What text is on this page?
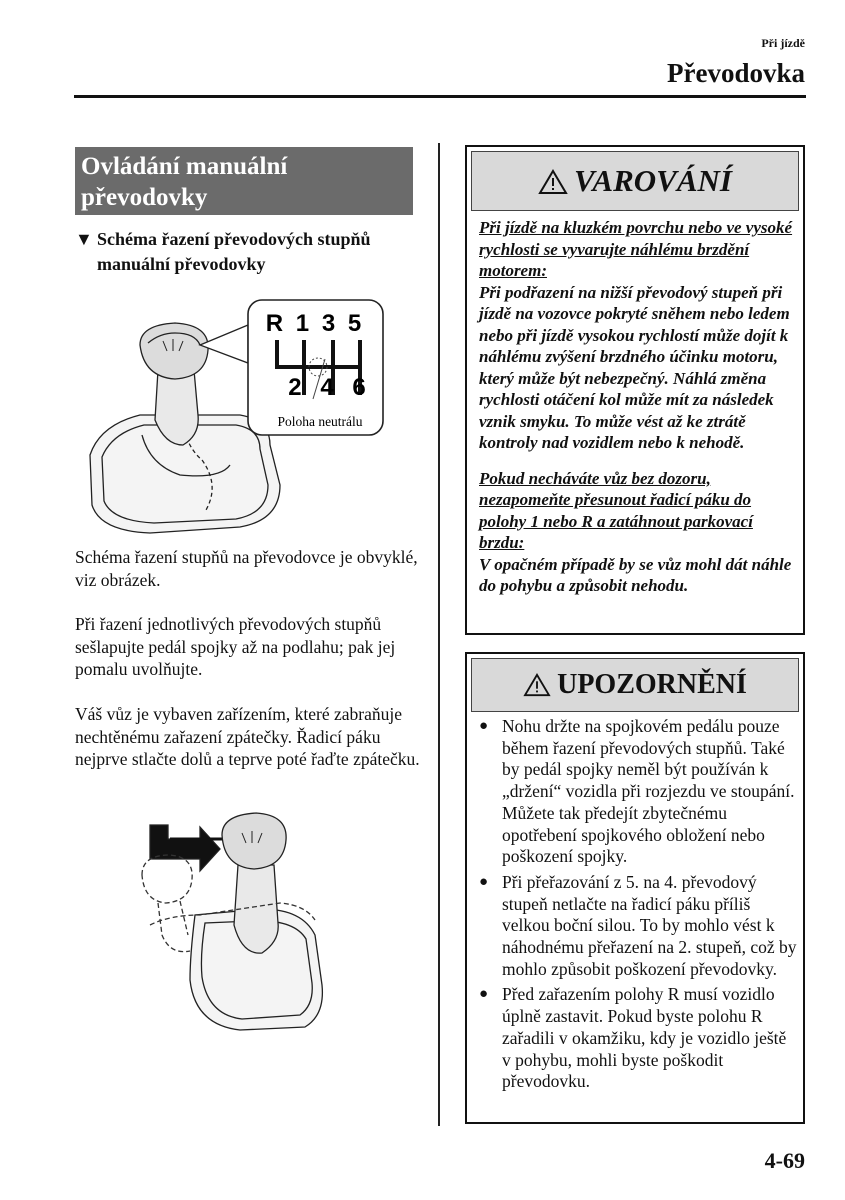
Při jízdě
Převodovka
Ovládání manuální převodovky
▼ Schéma řazení převodových stupňů manuální převodovky
R 1 3 5
2 4 6
Poloha neutrálu
Schéma řazení stupňů na převodovce je obvyklé, viz obrázek.
Při řazení jednotlivých převodových stupňů sešlapujte pedál spojky až na podlahu; pak jej pomalu uvolňujte.
Váš vůz je vybaven zařízením, které zabraňuje nechtěnému zařazení zpátečky. Řadicí páku nejprve stlačte dolů a teprve poté řaďte zpátečku.
VAROVÁNÍ
Při jízdě na kluzkém povrchu nebo ve vysoké rychlosti se vyvarujte náhlému brzdění motorem:
Při podřazení na nižší převodový stupeň při jízdě na vozovce pokryté sněhem nebo ledem nebo při jízdě vysokou rychlostí může dojít k náhlému zvýšení brzdného účinku motoru, který může být nebezpečný. Náhlá změna rychlosti otáčení kol může mít za následek vznik smyku. To může vést až ke ztrátě kontroly nad vozidlem nebo k nehodě.
Pokud necháváte vůz bez dozoru, nezapomeňte přesunout řadicí páku do polohy 1 nebo R a zatáhnout parkovací brzdu:
V opačném případě by se vůz mohl dát náhle do pohybu a způsobit nehodu.
UPOZORNĚNÍ
● Nohu držte na spojkovém pedálu pouze během řazení převodových stupňů. Také by pedál spojky neměl být používán k „držení“ vozidla při rozjezdu ve stoupání. Můžete tak předejít zbytečnému opotřebení spojkového obložení nebo poškození spojky.
● Při přeřazování z 5. na 4. převodový stupeň netlačte na řadicí páku příliš velkou boční silou. To by mohlo vést k náhodnému přeřazení na 2. stupeň, což by mohlo způsobit poškození převodovky.
● Před zařazením polohy R musí vozidlo úplně zastavit. Pokud byste polohu R zařadili v okamžiku, kdy je vozidlo ještě v pohybu, mohli byste poškodit převodovku.
4-69
